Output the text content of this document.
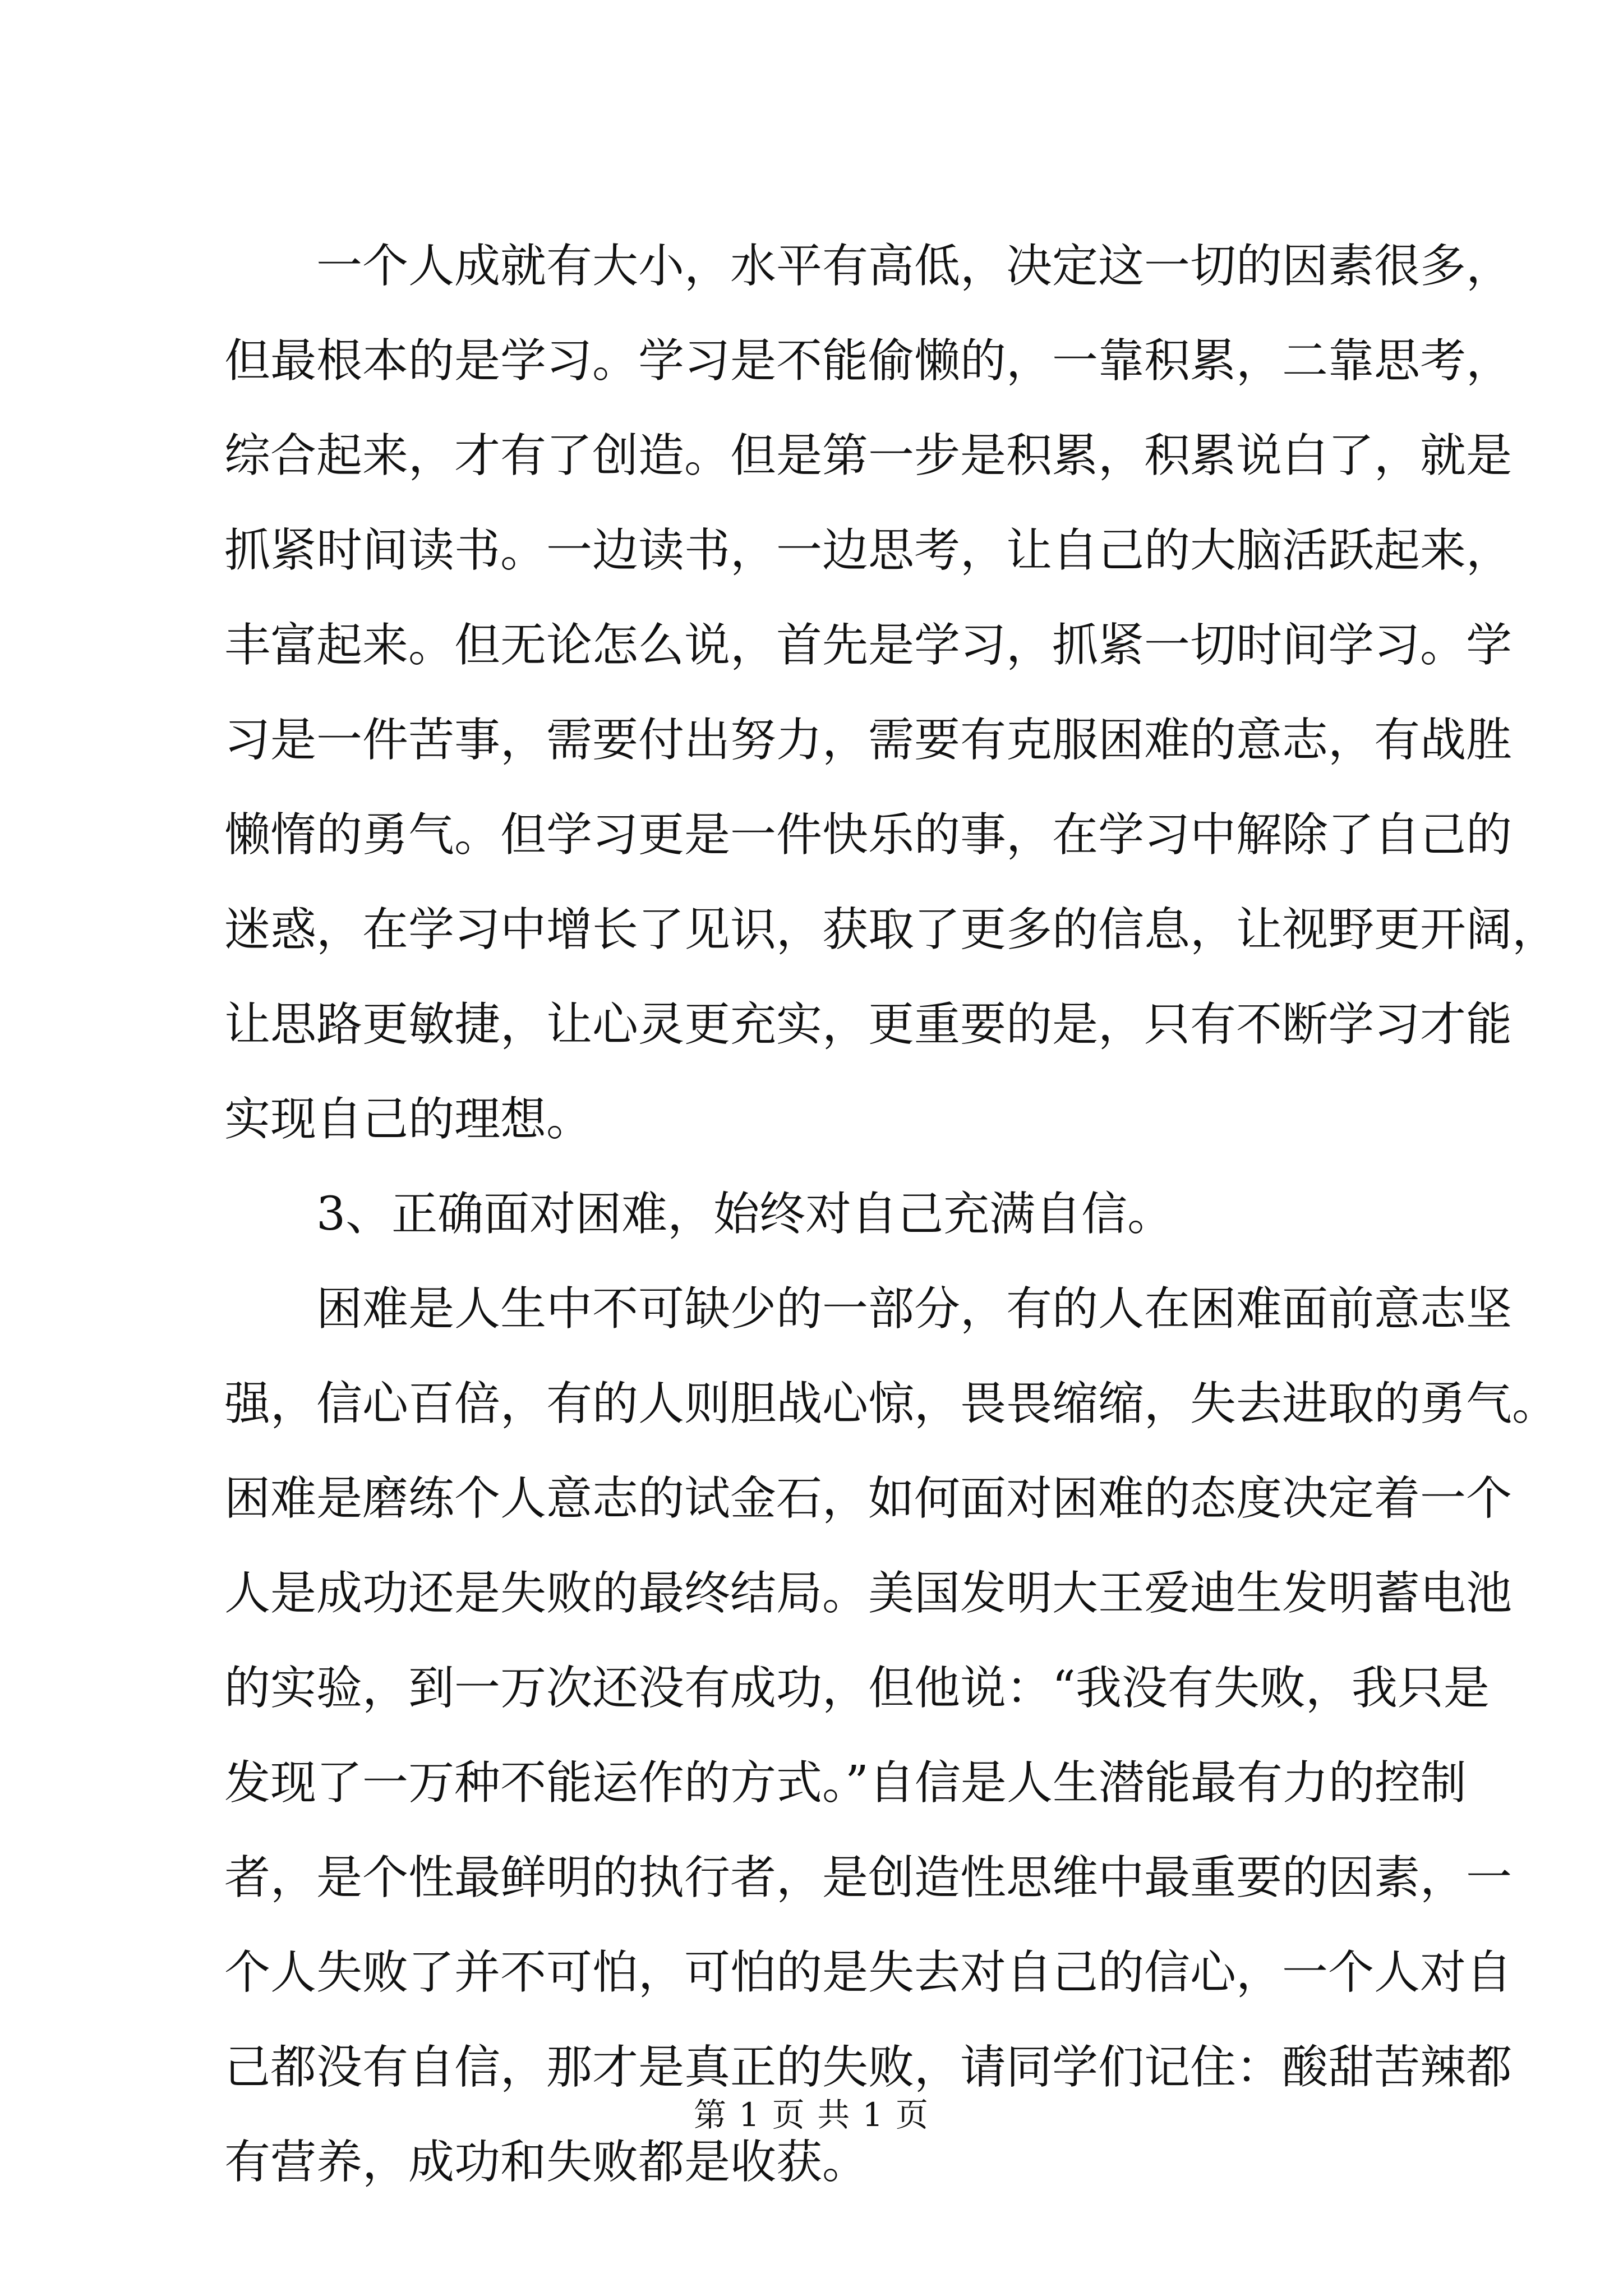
一个人成就有大小，水平有高低，决定这一切的因素很多，
但最根本的是学习。学习是不能偷懒的，一靠积累，二靠思考，
综合起来，才有了创造。但是第一步是积累，积累说白了，就是
抓紧时间读书。一边读书，一边思考，让自己的大脑活跃起来，
丰富起来。但无论怎么说，首先是学习，抓紧一切时间学习。学
习是一件苦事，需要付出努力，需要有克服困难的意志，有战胜
懒惰的勇气。但学习更是一件快乐的事，在学习中解除了自己的
迷惑，在学习中增长了见识，获取了更多的信息，让视野更开阔，
让思路更敏捷，让心灵更充实，更重要的是，只有不断学习才能
实现自己的理想。
3、正确面对困难，始终对自己充满自信。
困难是人生中不可缺少的一部分，有的人在困难面前意志坚
强，信心百倍，有的人则胆战心惊，畏畏缩缩，失去进取的勇气。
困难是磨练个人意志的试金石，如何面对困难的态度决定着一个
人是成功还是失败的最终结局。美国发明大王爱迪生发明蓄电池
的实验，到一万次还没有成功，但他说：“我没有失败，我只是
发现了一万种不能运作的方式。”自信是人生潜能最有力的控制
者，是个性最鲜明的执行者，是创造性思维中最重要的因素，一
个人失败了并不可怕，可怕的是失去对自己的信心，一个人对自
己都没有自信，那才是真正的失败，请同学们记住：酸甜苦辣都
有营养，成功和失败都是收获。
第 1 页 共 1 页
